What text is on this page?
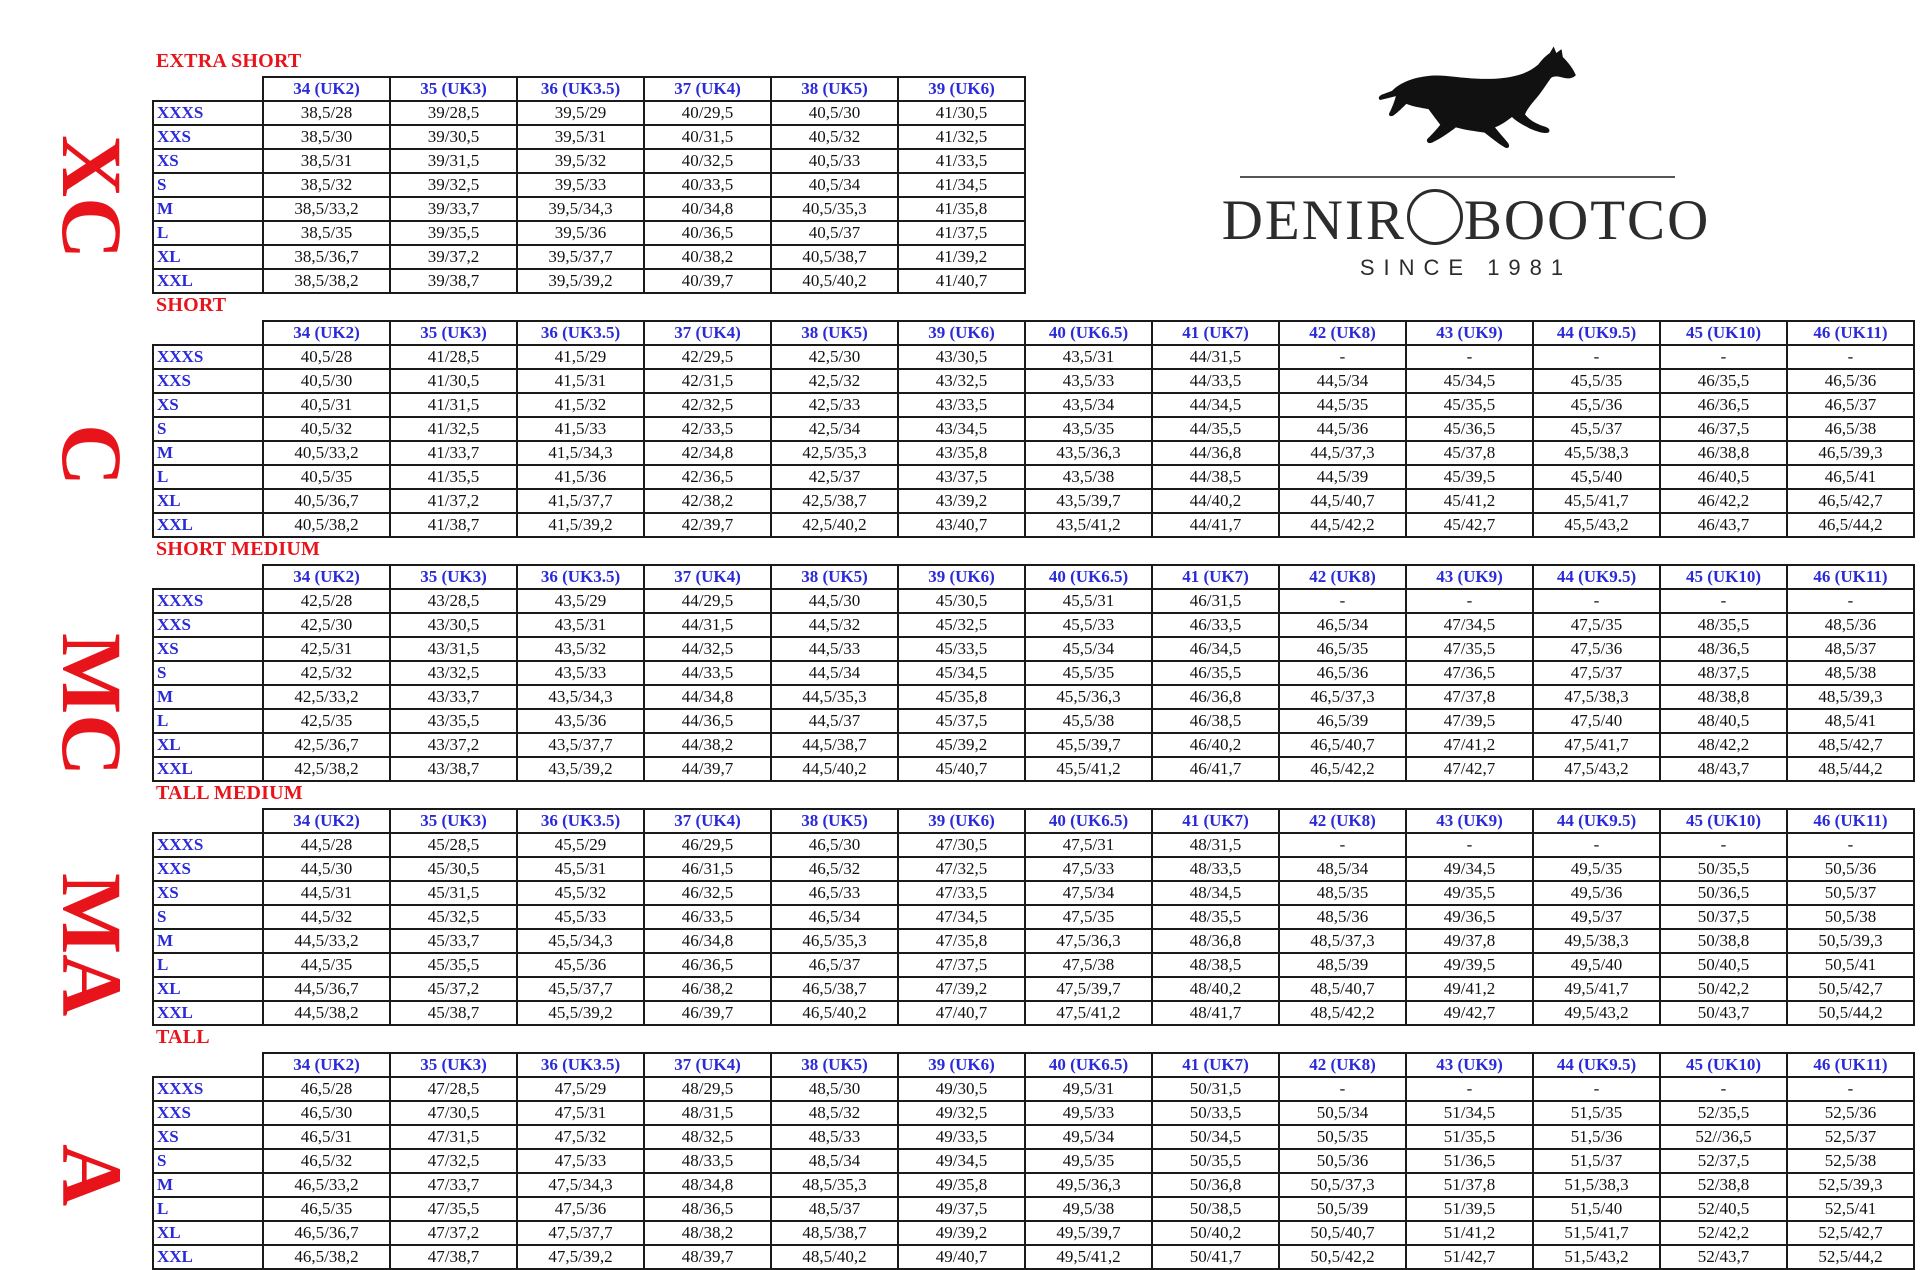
DENIR BOOTCO
SINCE 1981
XC
C
MC
MA
A
EXTRA SHORT
	34 (UK2)	35 (UK3)	36 (UK3.5)	37 (UK4)	38 (UK5)	39 (UK6)
XXXS	38,5/28	39/28,5	39,5/29	40/29,5	40,5/30	41/30,5
XXS	38,5/30	39/30,5	39,5/31	40/31,5	40,5/32	41/32,5
XS	38,5/31	39/31,5	39,5/32	40/32,5	40,5/33	41/33,5
S	38,5/32	39/32,5	39,5/33	40/33,5	40,5/34	41/34,5
M	38,5/33,2	39/33,7	39,5/34,3	40/34,8	40,5/35,3	41/35,8
L	38,5/35	39/35,5	39,5/36	40/36,5	40,5/37	41/37,5
XL	38,5/36,7	39/37,2	39,5/37,7	40/38,2	40,5/38,7	41/39,2
XXL	38,5/38,2	39/38,7	39,5/39,2	40/39,7	40,5/40,2	41/40,7
SHORT
	34 (UK2)	35 (UK3)	36 (UK3.5)	37 (UK4)	38 (UK5)	39 (UK6)	40 (UK6.5)	41 (UK7)	42 (UK8)	43 (UK9)	44 (UK9.5)	45 (UK10)	46 (UK11)
XXXS	40,5/28	41/28,5	41,5/29	42/29,5	42,5/30	43/30,5	43,5/31	44/31,5	-	-	-	-	-
XXS	40,5/30	41/30,5	41,5/31	42/31,5	42,5/32	43/32,5	43,5/33	44/33,5	44,5/34	45/34,5	45,5/35	46/35,5	46,5/36
XS	40,5/31	41/31,5	41,5/32	42/32,5	42,5/33	43/33,5	43,5/34	44/34,5	44,5/35	45/35,5	45,5/36	46/36,5	46,5/37
S	40,5/32	41/32,5	41,5/33	42/33,5	42,5/34	43/34,5	43,5/35	44/35,5	44,5/36	45/36,5	45,5/37	46/37,5	46,5/38
M	40,5/33,2	41/33,7	41,5/34,3	42/34,8	42,5/35,3	43/35,8	43,5/36,3	44/36,8	44,5/37,3	45/37,8	45,5/38,3	46/38,8	46,5/39,3
L	40,5/35	41/35,5	41,5/36	42/36,5	42,5/37	43/37,5	43,5/38	44/38,5	44,5/39	45/39,5	45,5/40	46/40,5	46,5/41
XL	40,5/36,7	41/37,2	41,5/37,7	42/38,2	42,5/38,7	43/39,2	43,5/39,7	44/40,2	44,5/40,7	45/41,2	45,5/41,7	46/42,2	46,5/42,7
XXL	40,5/38,2	41/38,7	41,5/39,2	42/39,7	42,5/40,2	43/40,7	43,5/41,2	44/41,7	44,5/42,2	45/42,7	45,5/43,2	46/43,7	46,5/44,2
SHORT MEDIUM
	34 (UK2)	35 (UK3)	36 (UK3.5)	37 (UK4)	38 (UK5)	39 (UK6)	40 (UK6.5)	41 (UK7)	42 (UK8)	43 (UK9)	44 (UK9.5)	45 (UK10)	46 (UK11)
XXXS	42,5/28	43/28,5	43,5/29	44/29,5	44,5/30	45/30,5	45,5/31	46/31,5	-	-	-	-	-
XXS	42,5/30	43/30,5	43,5/31	44/31,5	44,5/32	45/32,5	45,5/33	46/33,5	46,5/34	47/34,5	47,5/35	48/35,5	48,5/36
XS	42,5/31	43/31,5	43,5/32	44/32,5	44,5/33	45/33,5	45,5/34	46/34,5	46,5/35	47/35,5	47,5/36	48/36,5	48,5/37
S	42,5/32	43/32,5	43,5/33	44/33,5	44,5/34	45/34,5	45,5/35	46/35,5	46,5/36	47/36,5	47,5/37	48/37,5	48,5/38
M	42,5/33,2	43/33,7	43,5/34,3	44/34,8	44,5/35,3	45/35,8	45,5/36,3	46/36,8	46,5/37,3	47/37,8	47,5/38,3	48/38,8	48,5/39,3
L	42,5/35	43/35,5	43,5/36	44/36,5	44,5/37	45/37,5	45,5/38	46/38,5	46,5/39	47/39,5	47,5/40	48/40,5	48,5/41
XL	42,5/36,7	43/37,2	43,5/37,7	44/38,2	44,5/38,7	45/39,2	45,5/39,7	46/40,2	46,5/40,7	47/41,2	47,5/41,7	48/42,2	48,5/42,7
XXL	42,5/38,2	43/38,7	43,5/39,2	44/39,7	44,5/40,2	45/40,7	45,5/41,2	46/41,7	46,5/42,2	47/42,7	47,5/43,2	48/43,7	48,5/44,2
TALL MEDIUM
	34 (UK2)	35 (UK3)	36 (UK3.5)	37 (UK4)	38 (UK5)	39 (UK6)	40 (UK6.5)	41 (UK7)	42 (UK8)	43 (UK9)	44 (UK9.5)	45 (UK10)	46 (UK11)
XXXS	44,5/28	45/28,5	45,5/29	46/29,5	46,5/30	47/30,5	47,5/31	48/31,5	-	-	-	-	-
XXS	44,5/30	45/30,5	45,5/31	46/31,5	46,5/32	47/32,5	47,5/33	48/33,5	48,5/34	49/34,5	49,5/35	50/35,5	50,5/36
XS	44,5/31	45/31,5	45,5/32	46/32,5	46,5/33	47/33,5	47,5/34	48/34,5	48,5/35	49/35,5	49,5/36	50/36,5	50,5/37
S	44,5/32	45/32,5	45,5/33	46/33,5	46,5/34	47/34,5	47,5/35	48/35,5	48,5/36	49/36,5	49,5/37	50/37,5	50,5/38
M	44,5/33,2	45/33,7	45,5/34,3	46/34,8	46,5/35,3	47/35,8	47,5/36,3	48/36,8	48,5/37,3	49/37,8	49,5/38,3	50/38,8	50,5/39,3
L	44,5/35	45/35,5	45,5/36	46/36,5	46,5/37	47/37,5	47,5/38	48/38,5	48,5/39	49/39,5	49,5/40	50/40,5	50,5/41
XL	44,5/36,7	45/37,2	45,5/37,7	46/38,2	46,5/38,7	47/39,2	47,5/39,7	48/40,2	48,5/40,7	49/41,2	49,5/41,7	50/42,2	50,5/42,7
XXL	44,5/38,2	45/38,7	45,5/39,2	46/39,7	46,5/40,2	47/40,7	47,5/41,2	48/41,7	48,5/42,2	49/42,7	49,5/43,2	50/43,7	50,5/44,2
TALL
	34 (UK2)	35 (UK3)	36 (UK3.5)	37 (UK4)	38 (UK5)	39 (UK6)	40 (UK6.5)	41 (UK7)	42 (UK8)	43 (UK9)	44 (UK9.5)	45 (UK10)	46 (UK11)
XXXS	46,5/28	47/28,5	47,5/29	48/29,5	48,5/30	49/30,5	49,5/31	50/31,5	-	-	-	-	-
XXS	46,5/30	47/30,5	47,5/31	48/31,5	48,5/32	49/32,5	49,5/33	50/33,5	50,5/34	51/34,5	51,5/35	52/35,5	52,5/36
XS	46,5/31	47/31,5	47,5/32	48/32,5	48,5/33	49/33,5	49,5/34	50/34,5	50,5/35	51/35,5	51,5/36	52//36,5	52,5/37
S	46,5/32	47/32,5	47,5/33	48/33,5	48,5/34	49/34,5	49,5/35	50/35,5	50,5/36	51/36,5	51,5/37	52/37,5	52,5/38
M	46,5/33,2	47/33,7	47,5/34,3	48/34,8	48,5/35,3	49/35,8	49,5/36,3	50/36,8	50,5/37,3	51/37,8	51,5/38,3	52/38,8	52,5/39,3
L	46,5/35	47/35,5	47,5/36	48/36,5	48,5/37	49/37,5	49,5/38	50/38,5	50,5/39	51/39,5	51,5/40	52/40,5	52,5/41
XL	46,5/36,7	47/37,2	47,5/37,7	48/38,2	48,5/38,7	49/39,2	49,5/39,7	50/40,2	50,5/40,7	51/41,2	51,5/41,7	52/42,2	52,5/42,7
XXL	46,5/38,2	47/38,7	47,5/39,2	48/39,7	48,5/40,2	49/40,7	49,5/41,2	50/41,7	50,5/42,2	51/42,7	51,5/43,2	52/43,7	52,5/44,2
